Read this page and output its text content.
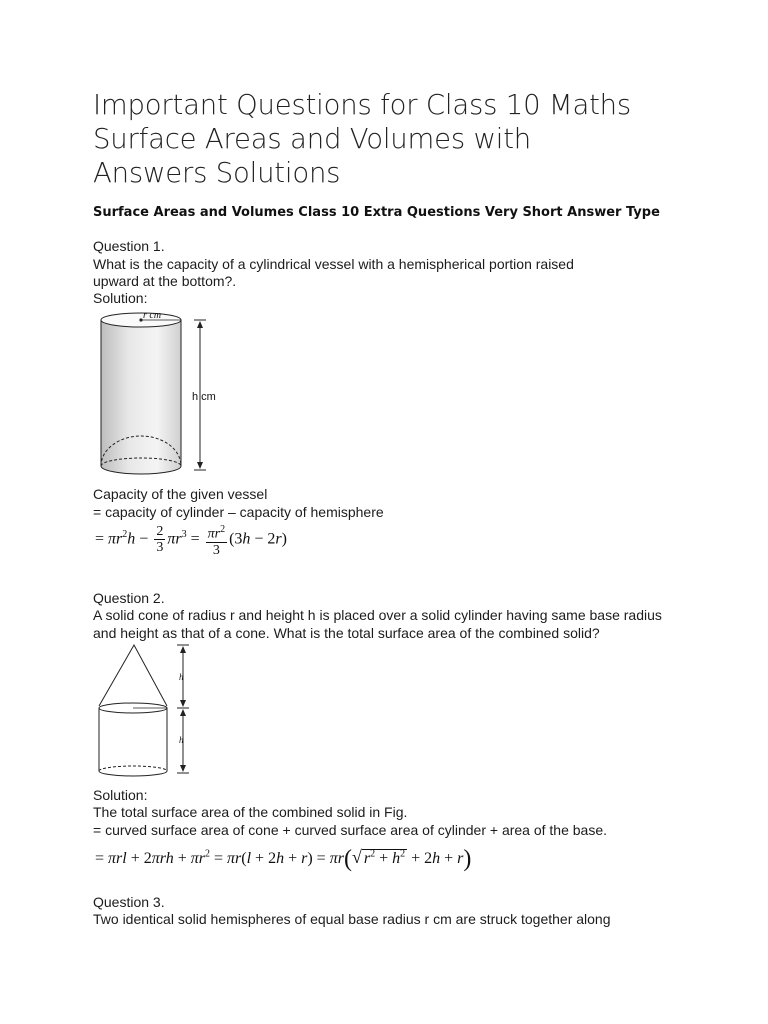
Important Questions for Class 10 Maths
Surface Areas and Volumes with
Answers Solutions
Surface Areas and Volumes Class 10 Extra Questions Very Short Answer Type
Question 1.
What is the capacity of a cylindrical vessel with a hemispherical portion raised
upward at the bottom?.
Solution:
r cm
h cm
Capacity of the given vessel
= capacity of cylinder – capacity of hemisphere
= $\pi r^2h - \frac{2}{3} \pi r^3 = \frac{\pi r^2}{3} (3h - 2r)$
Question 2.
A solid cone of radius r and height h is placed over a solid cylinder having same base radius
and height as that of a cone. What is the total surface area of the combined solid?
h
h
Solution:
The total surface area of the combined solid in Fig.
= curved surface area of cone + curved surface area of cylinder + area of the base.
= $\pi rl + 2\pi rh + \pi r^2 = \pi r(l + 2h + r) = \pi r(√$ $r^2 + h^2 + 2h + r$)
Question 3.
Two identical solid hemispheres of equal base radius r cm are struck together along
